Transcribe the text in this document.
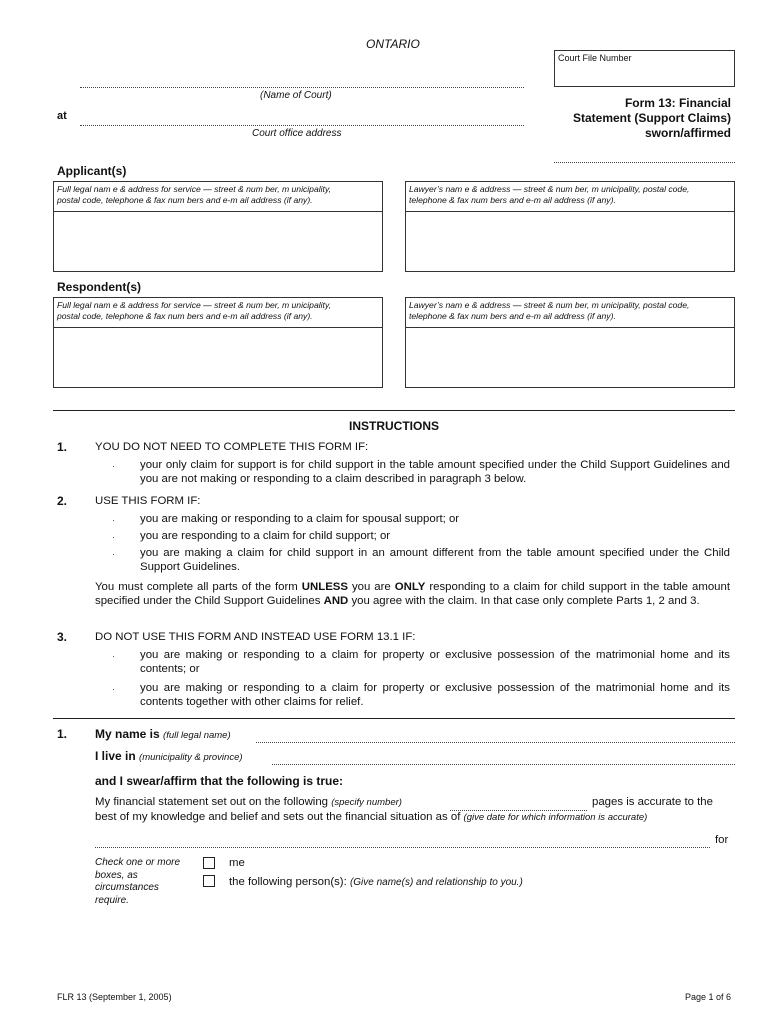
ONTARIO
(Name of Court)
at
Court office address
Court File Number
Form 13: Financial
Statement (Support Claims)
sworn/affirmed
Applicant(s)
Full legal nam e & address for service — street & num ber, m unicipality,
postal code, telephone & fax num bers and e-m ail address (if any).
Lawyer’s nam e & address — street & num ber, m unicipality, postal code,
telephone & fax num bers and e-m ail address (if any).
Respondent(s)
Full legal nam e & address for service — street & num ber, m unicipality,
postal code, telephone & fax num bers and e-m ail address (if any).
Lawyer’s nam e & address — street & num ber, m unicipality, postal code,
telephone & fax num bers and e-m ail address (if any).
INSTRUCTIONS
1. YOU DO NOT NEED TO COMPLETE THIS FORM IF:
· your only claim for support is for child support in the table amount specified under the Child Support Guidelines and you are not making or responding to a claim described in paragraph 3 below.
2. USE THIS FORM IF:
· you are making or responding to a claim for spousal support; or
· you are responding to a claim for child support; or
· you are making a claim for child support in an amount different from the table amount specified under the Child Support Guidelines.
You must complete all parts of the form UNLESS you are ONLY responding to a claim for child support in the table amount specified under the Child Support Guidelines AND you agree with the claim. In that case only complete Parts 1, 2 and 3.
3. DO NOT USE THIS FORM AND INSTEAD USE FORM 13.1 IF:
· you are making or responding to a claim for property or exclusive possession of the matrimonial home and its contents; or
· you are making or responding to a claim for property or exclusive possession of the matrimonial home and its contents together with other claims for relief.
1. My name is (full legal name)
I live in (municipality & province)
and I swear/affirm that the following is true:
My financial statement set out on the following (specify number)	pages is accurate to the
best of my knowledge and belief and sets out the financial situation as of (give date for which information is accurate)
for
Check one or more boxes, as circumstances require.
me
the following person(s): (Give name(s) and relationship to you.)
FLR 13 (September 1, 2005)	Page 1 of 6
